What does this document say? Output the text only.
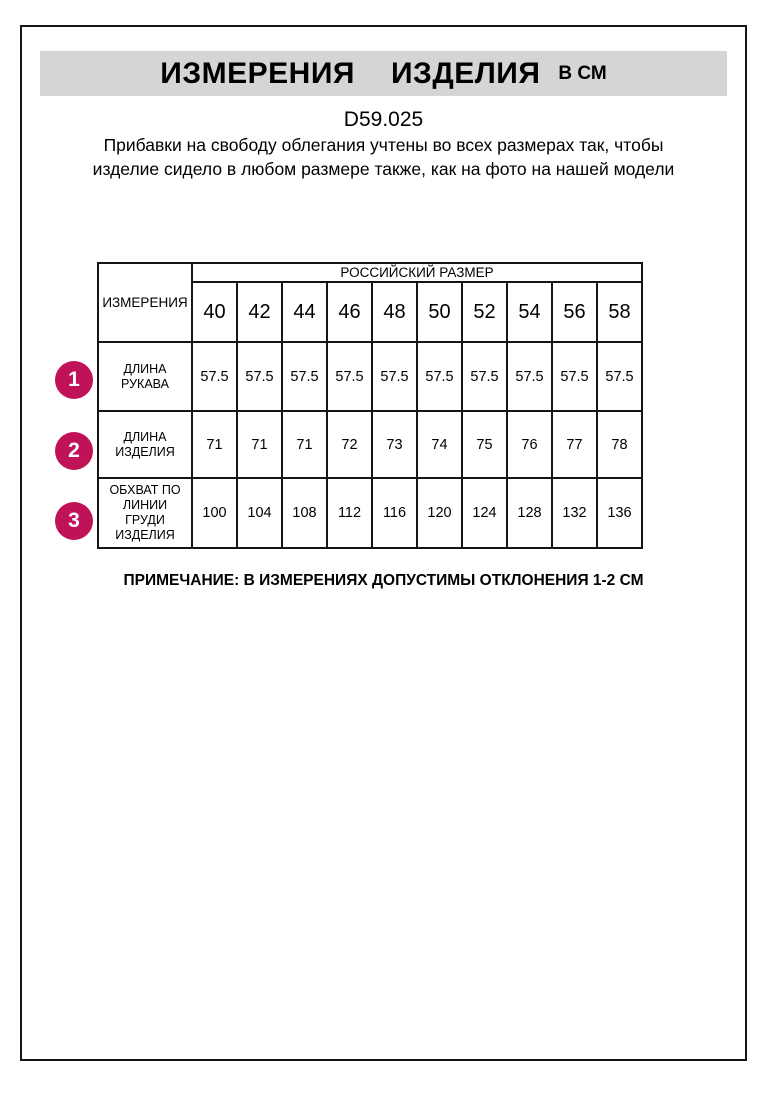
ИЗМЕРЕНИЯ ИЗДЕЛИЯ В СМ
D59.025

Прибавки на свободу облегания учтены во всех размерах так, чтобы изделие сидело в любом размере также, как на фото на нашей модели

ИЗМЕРЕНИЯ	РОССИЙСКИЙ РАЗМЕР									
	40	42	44	46	48	50	52	54	56	58

ДЛИНА
РУКАВА	57.5	57.5	57.5	57.5	57.5	57.5	57.5	57.5	57.5	57.5

ДЛИНА
ИЗДЕЛИЯ	71	71	71	72	73	74	75	76	77	78

ОБХВАТ ПО
ЛИНИИ
ГРУДИ
ИЗДЕЛИЯ	100	104	108	112	116	120	124	128	132	136
1
2
3
ПРИМЕЧАНИЕ: В ИЗМЕРЕНИЯХ ДОПУСТИМЫ ОТКЛОНЕНИЯ 1-2 СМ
